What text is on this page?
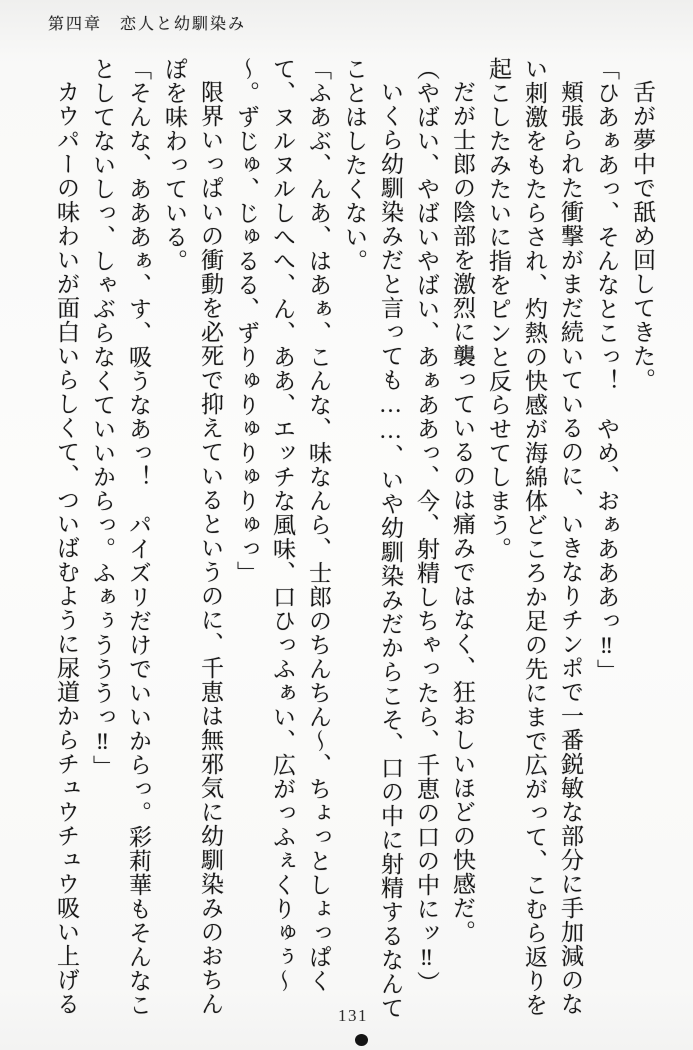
第四章　恋人と幼馴染み

舌が夢中で舐め回してきた。

「ひあぁあっ、そんなとこっ！　やめ、おぁあああっ‼」

頬張られた衝撃がまだ続いているのに、いきなりチンポで一番鋭敏な部分に手加減のない刺激をもたらされ、灼熱の快感が海綿体どころか足の先にまで広がって、こむら返りを起こしたみたいに指をピンと反らせてしまう。

だが士郎の陰部を激烈に襲っているのは痛みではなく、狂おしいほどの快感だ。

（やばい、やばいやばい、あぁああっ、今、射精しちゃったら、千恵の口の中にッ‼）

いくら幼馴染みだと言っても……、いや幼馴染みだからこそ、口の中に射精するなんてことはしたくない。

「ふあぶ、んあ、はあぁ、こんな、味なんら、士郎のちんちん～、ちょっとしょっぱくて、ヌルヌルしへへ、ん、ああ、エッチな風味、口ひっふぁい、広がっふぇくりゅぅ～～。ずじゅ、じゅるる、ずりゅりゅりゅりゅっ」

限界いっぱいの衝動を必死で抑えているというのに、千恵は無邪気に幼馴染みのおちんぽを味わっている。

「そんな、あああぁ、す、吸うなあっ！　パイズリだけでいいからっ。彩莉華もそんなことしてないしっ、しゃぶらなくていいからっ。ふぁぅうううっ‼」

カウパーの味わいが面白いらしくて、ついばむように尿道からチュウチュウ吸い上げる	131
